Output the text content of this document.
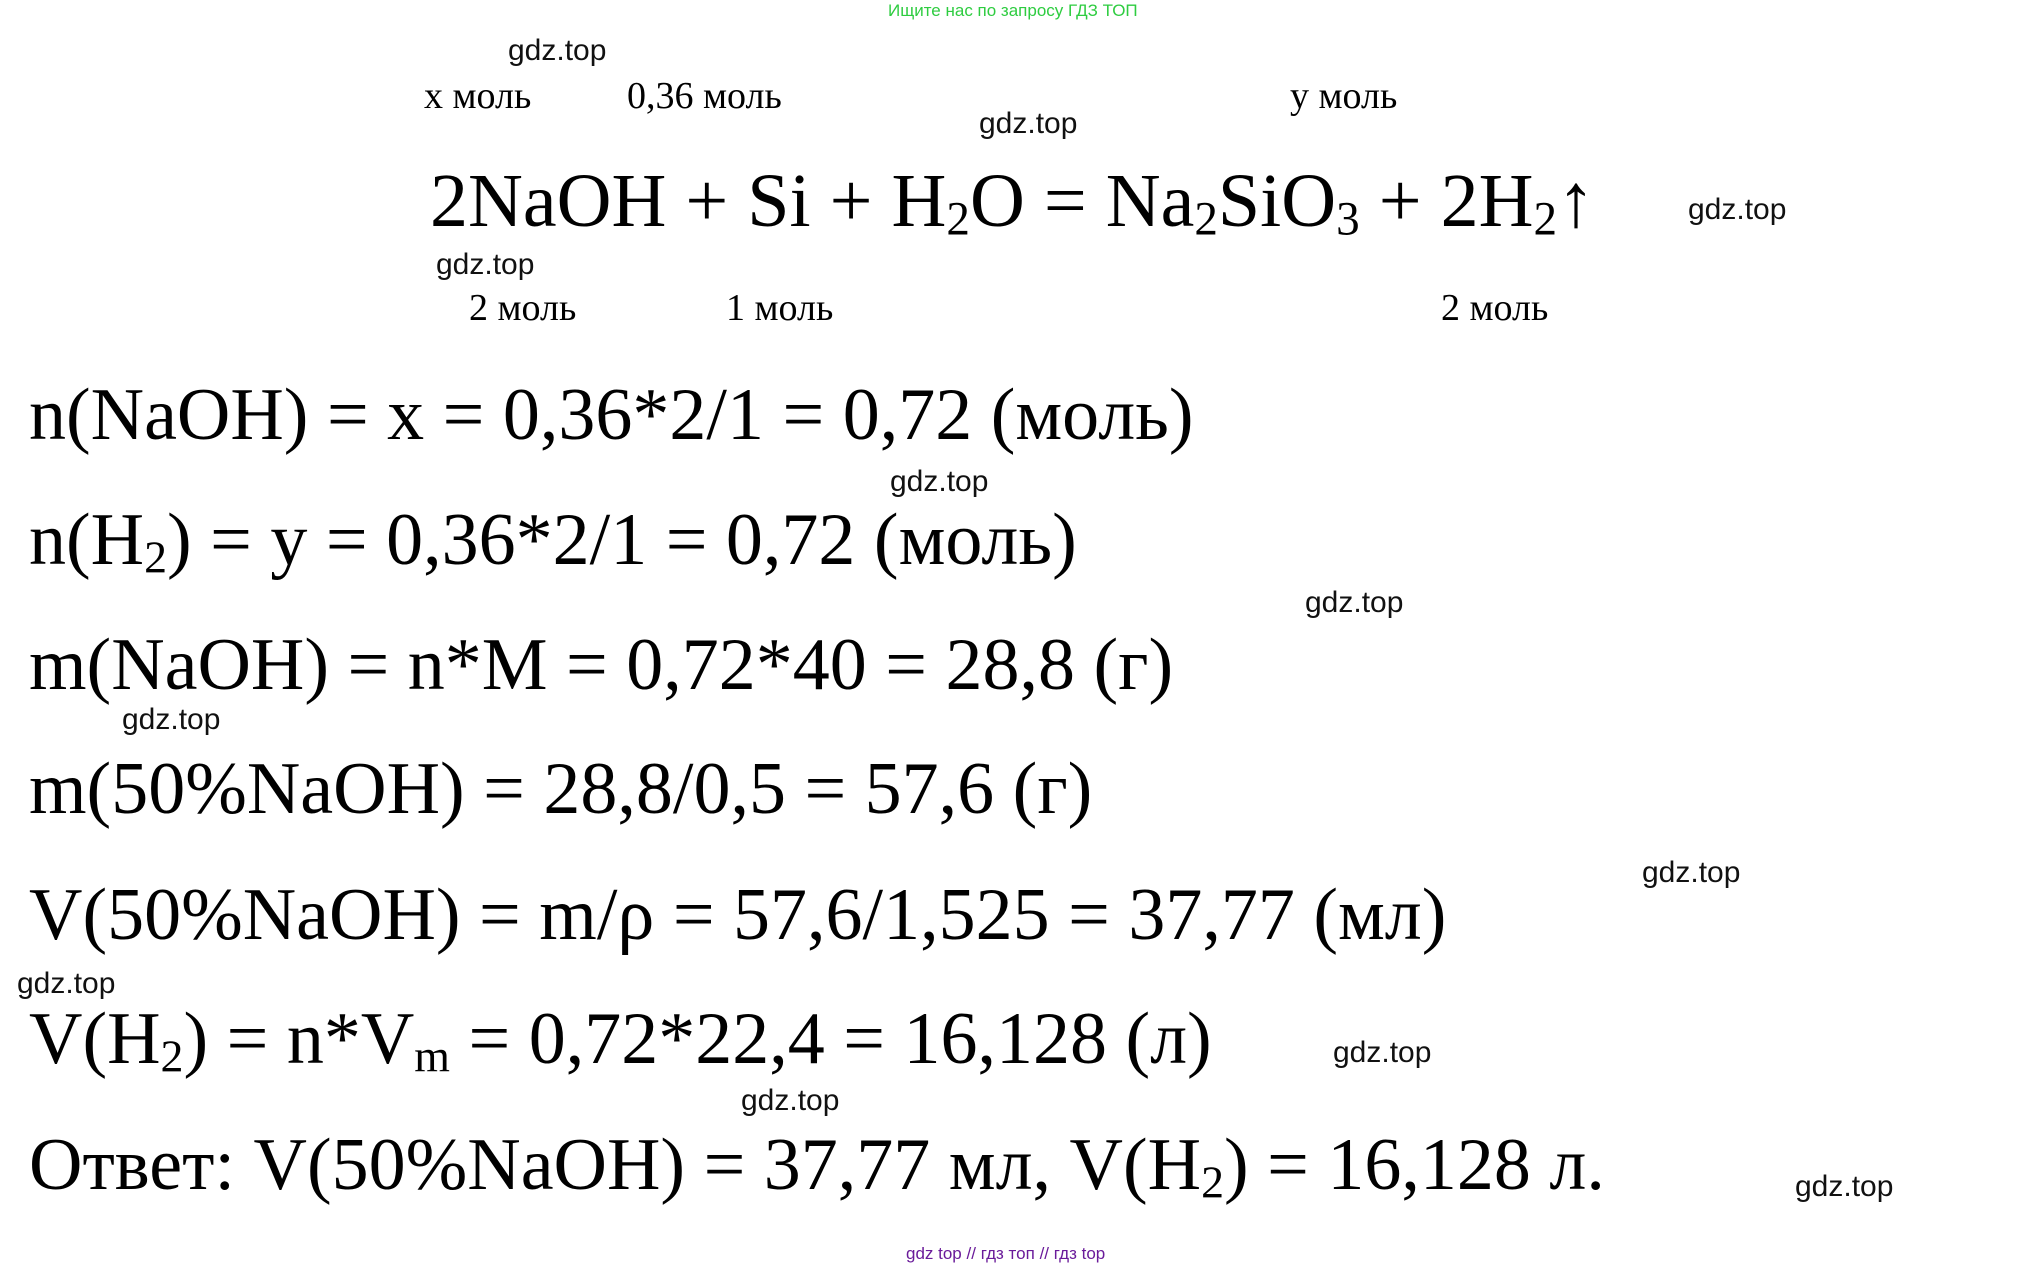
Ищите нас по запросу ГДЗ ТОП
gdz.top
gdz.top
gdz.top
gdz.top
gdz.top
gdz.top
gdz.top
gdz.top
gdz.top
gdz.top
gdz.top
gdz.top
x моль	0,36 моль	y моль
2NaOH + $Si + H_2O = Na_2SiO_3$ + $2H_2↑$
2 моль	1 моль	2 моль
n(NaOH) = x = 0,36*2/1 = 0,72 (моль)
$n(H_2) = y = 0,36*2/1 = 0,72$ (моль)
m(NaOH) = n*M = 0,72*40 = 28,8 (г)
m(50%NaOH) = 28,8/0,5 = 57,6 (г)
V(50%NaOH) = m/ρ = 57,6/1,525 = 37,77 (мл)
$V(H_2) = n*V_m = 0,72*22,4 = 16,128$ (л)
Ответ: V(50%NaOH) = 37,77 мл, $V(H_2) = 16,128$ л.
gdz top // гдз топ // гдз top
